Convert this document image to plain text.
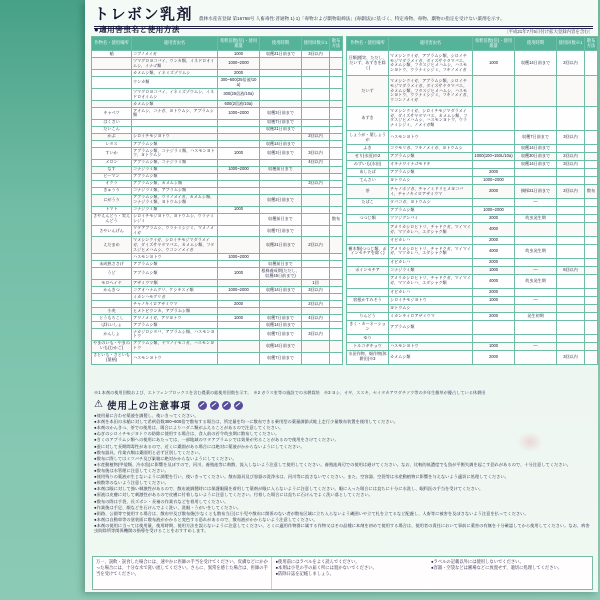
トレボン乳剤 農林水産省登録 第16758号 人畜毒性:普通物 1) 1)「毒物および劇物取締法」(毒劇法)に基づく、特定毒物、毒物、劇物の指定を受けない薬剤を示す。
●適用害虫名と使用方法	〔平成21年7月5日付け拡大登録内容を含む〕
作物名・使用場所	適用害虫名	希釈倍数(倍)・使用薬量	使用時期	使用回数※1	散布方法
稲	コブノメイガ	1000	収穫21日前まで	3回以内	
	ツマグロヨコバイ、ウンカ類、イネドロオイムシ、イナゴ類	1000~2000			
	カメムシ類、イネミズゾウムシ	2000			
	ウンカ類	300~600(25倍液/10a)			
	ツマグロヨコバイ、イネミズゾウムシ、イネドロオイムシ	300(25倍液/10a)			
	カメムシ類	600(2倍液/10a)			
キャベツ	アオムシ、コナガ、ヨトウムシ、アブラムシ類	1000~2000	収穫3日前まで		
はくさい			収穫7日前まで		
だいこん			収穫21日前まで		
かぶ	シロイチモジヨトウ			2回以内	
レタス	アブラムシ類		収穫14日前まで		
すいか	アブラムシ類、コナジラミ類、ハスモンヨトウ、ヨトウムシ	1000	収穫3日前まで	3回以内	
メロン	アブラムシ類、コナジラミ類			4回以内	
なす	コナジラミ類	1000~2000	収穫前日まで		
ピーマン	アブラムシ類				
オクラ	アブラムシ類、カメムシ類			3回以内	
きゅうり	コナジラミ類、アブラムシ類				
にがうり	アブラムシ類、ウリノメイガ、カメムシ類、コナジラミ類、ヨトウムシ類		収穫3日前まで		
トマト	コナジラミ類	1000			
さやえんどう・実えんどう	シロイチモジヨトウ、ヨトウムシ、ウラナミシジミ		収穫前日まで		散布
さやいんげん	ワタアブラムシ、ウラナミシジミ、マメノメイガ		収穫7日前まで		
えだまめ	マメシンクイガ、シロイチモジマダラメイガ、ダイズサヤタマバエ、カメムシ類、フタスジヒメハムシ、ウコンノメイガ		収穫21日前まで	2回以内	
	ハスモンヨトウ	1000~2000			
未成熟ささげ	アブラムシ類		収穫前日まで		
うど	アブラムシ類	1000	根株養成期(ただし、収穫45日前まで)		
モロヘイヤ	アザミウマ類			1回	
かんきつ	コアオハナムグリ、ケシキスイ類	1000~2000	収穫14日前まで	3回以内	
	ミカンハモグリガ				
	チャノキイロアザミウマ	2000		2回以内	
小麦	ヒメトビウンカ、アブラムシ類				
とうもろこし	アワノメイガ、アワヨトウ	1000	収穫7日前まで	4回以内	
ばれいしょ	アブラムシ類		収穫14日前まで		
かんしょ	ナカジロシタバ、アブラムシ類、ハスモンヨトウ		収穫7日前まで	3回以内	
やまのいも・やまのいも(むかご)	アブラムシ類、ヤマノイモコガ、ハスモンヨトウ		収穫14日前まで		
さといも・さといも(葉柄)	ハスモンヨトウ		収穫7日前まで		
作物名・使用場所	適用害虫名	希釈倍数(倍)・使用薬量	使用時期	使用回数※1	散布方法
豆類(種実、ただし、だいず、あずきを除く)	マメシンクイガ、アブラムシ類、シロイチモジマダラメイガ、ダイズサヤタマバエ、カメムシ類、フタスジヒメハムシ、ハスモンヨトウ、ウラナミシジミ、フキノメイガ	1000	収穫14日前まで	2回以内	
だいず	マメシンクイガ、アブラムシ類、シロイチモジマダラメイガ、ダイズサヤタマバエ、カメムシ類、フタスジヒメハムシ、ハスモンヨトウ、ウラナミシジミ、フキノメイガ、ウコンノメイガ				
あずき	マメシンクイガ、シロイチモジマダラメイガ、ダイズサヤタマバエ、カメムシ類、フタスジヒメハムシ、ハスモンヨトウ、ウラナミシジミ、ノメイガ類				
しょうが・葉しょうが	ハスモンヨトウ		収穫7日前まで	3回以内	
ふき	コウモリガ、フキノメイガ、ヨトウムシ		収穫14日前まで		
せり(水田)※2	アブラムシ類	1000(100~150L/10a)	収穫30日前まで	2回以内	
みずいも(水田)	オキナワイナゴモドキ		収穫14日前まで	3回以内	
あしたば	アブラムシ類	2000			
てんさい	ヨトウムシ	1000~2000			
茶	チャノホソガ、チャノミドリヒメヨコバイ、チャノキイロアザミウマ	2000	摘採21日前まで	2回以内	散布
たばこ	タバコガ、ヨトウムシ		—		
	アブラムシ類	1000~2000			
つつじ類	ツツジグンバイ	2000	幼虫発生期		
	アメリカシロヒトリ、チャドクガ、マイマイガ、マツカレハ、エダシャク類	4000			
	オビカレハ	2000			
樹木類(つつじ類、ポインセチアを除く)	アメリカシロヒトリ、チャドクガ、マイマイガ、マツカレハ、エダシャク類	4000	幼虫発生期		
	オビカレハ	2000			
ポインセチア	コナジラミ類	1000	—	6回以内	
	アメリカシロヒトリ、チャドクガ、マイマイガ、マツカレハ、エダシャク類	4000	幼虫発生期		
	オビカレハ	2000			
宿根かすみそう	シロイチモジヨトウ	1000	—		
	ヨトウムシ				
りんどう	ミカンキイロアザミウマ	2000	発生初期		
きく・カーネーション	アブラムシ類				
ゆり					
トルコギキョウ	ハスモンヨトウ	1000	—		
水田作物、畑作物(休耕田)※3	カメムシ類	2000		3回以内	
※1 本剤の使用回数および、エトフェンプロックスを含む農薬の総使用回数を示す。　※2 ガラス室等の施設での水耕栽培　※3 ヨシ、オギ、ススキ、セイタカアワダチソウ等の多年生雑草が優占している休耕田
⚠ 使用上の注意事項
●使用量に合わせ薬液を調製し、使いきってください。
●本剤を本田の水稲に対して希釈倍数300~600倍で散布する場合は、所定量を均一に散布できる乗用型の薬量調節式畦上走行少量散布装置を使用してください。
●本剤のかんきつ、茶での使用は、場合によりハダニ類がふえることがあるので注意してください。
●ねぎのシロイチモジヨトウの防除に使用する場合は、食入前の若令幼虫期に散布してください。
●きくのアブラムシ類への使用にあたっては、一部地域のワタアブラムシでは効果が劣ることがあるので使用をさけてください。
●蚕に対して長期間毒性があるので、近くに桑園がある場合には絶対に薬液がかからないようにしてください。
●散布器具、作業衣類は桑園用と必ず区別してください。
●散布に際してはミツバチ及び巣箱に絶対かからないようにしてください。
●水産動植物(甲殻類、冷水魚)に影響を及ぼすので、河川、養殖池等に飛散、流入しないよう注意して使用してください。養殖池周辺での使用は避けてください。なお、比較的低濃度でも魚が平衡失調を起こす恐れがあるので、十分注意してください。
●散布後は水管理に注意してください。
●使用残りの薬液が生じないように調製を行い、使いきってください。散布器具及び容器の洗浄水は、河川等に流さないでください。また、空容器、空袋等は水産動植物に影響を与えないよう適切に処理してください。
●飛散等のないよう注意してください。
●本剤は眼に対して強い刺激性があるので、散布液調製時には保護眼鏡を着用して薬剤が眼に入らないように注意してください。眼に入った場合には直ちに十分に水洗し、眼科医の手当を受けてください。
●原液は皮膚に対して刺激性があるので皮膚に付着しないように注意してください。付着した場合には直ちに石けんでよく洗い落としてください。
●散布の際は手袋、長ズボン・長袖の作業衣などを着用してください。
●作業後は手足、顔などを石けんでよく洗い、洗眼・うがいをしてください。
●街路、公園等で使用する場合は、散布中及び散布後(少なくとも散布当日)に小児や散布に関係のない者が散布区域に立ち入らないよう縄囲いや立て札を立てるなど配慮し、人畜等に被害を及ぼさないよう注意を払ってください。
●本剤は自動車等の塗装面に散布液がかかると変色する恐れがあるので、散布液がかからないよう注意してください。
●本剤の使用に当っては使用量、使用時期、使用方法を誤らないように注意してください。とくに適用作物群に属する作物又はその品種に本剤を初めて使用する場合は、使用者の責任において事前に薬害の有無を十分確認してから使用してください。なお、病害虫防除所等関係機関の指導を受けることをおすすめします。
万一、誤飲・誤食した場合には、速やかに医師の手当を受けてください。皮膚などにかかった場合には、十分な水で洗い流してください。さらに、異常を感じた場合は、医師の手当を受けてください。
●使用前にはラベルをよく読んでください。
●本剤は小児の手の届く所には置かないでください。
●防除日誌を記帳しましょう。
●ラベルの記載以外には使用しないでください。
●容器・空袋などは圃場などに放置せず、適切に処理してください。
